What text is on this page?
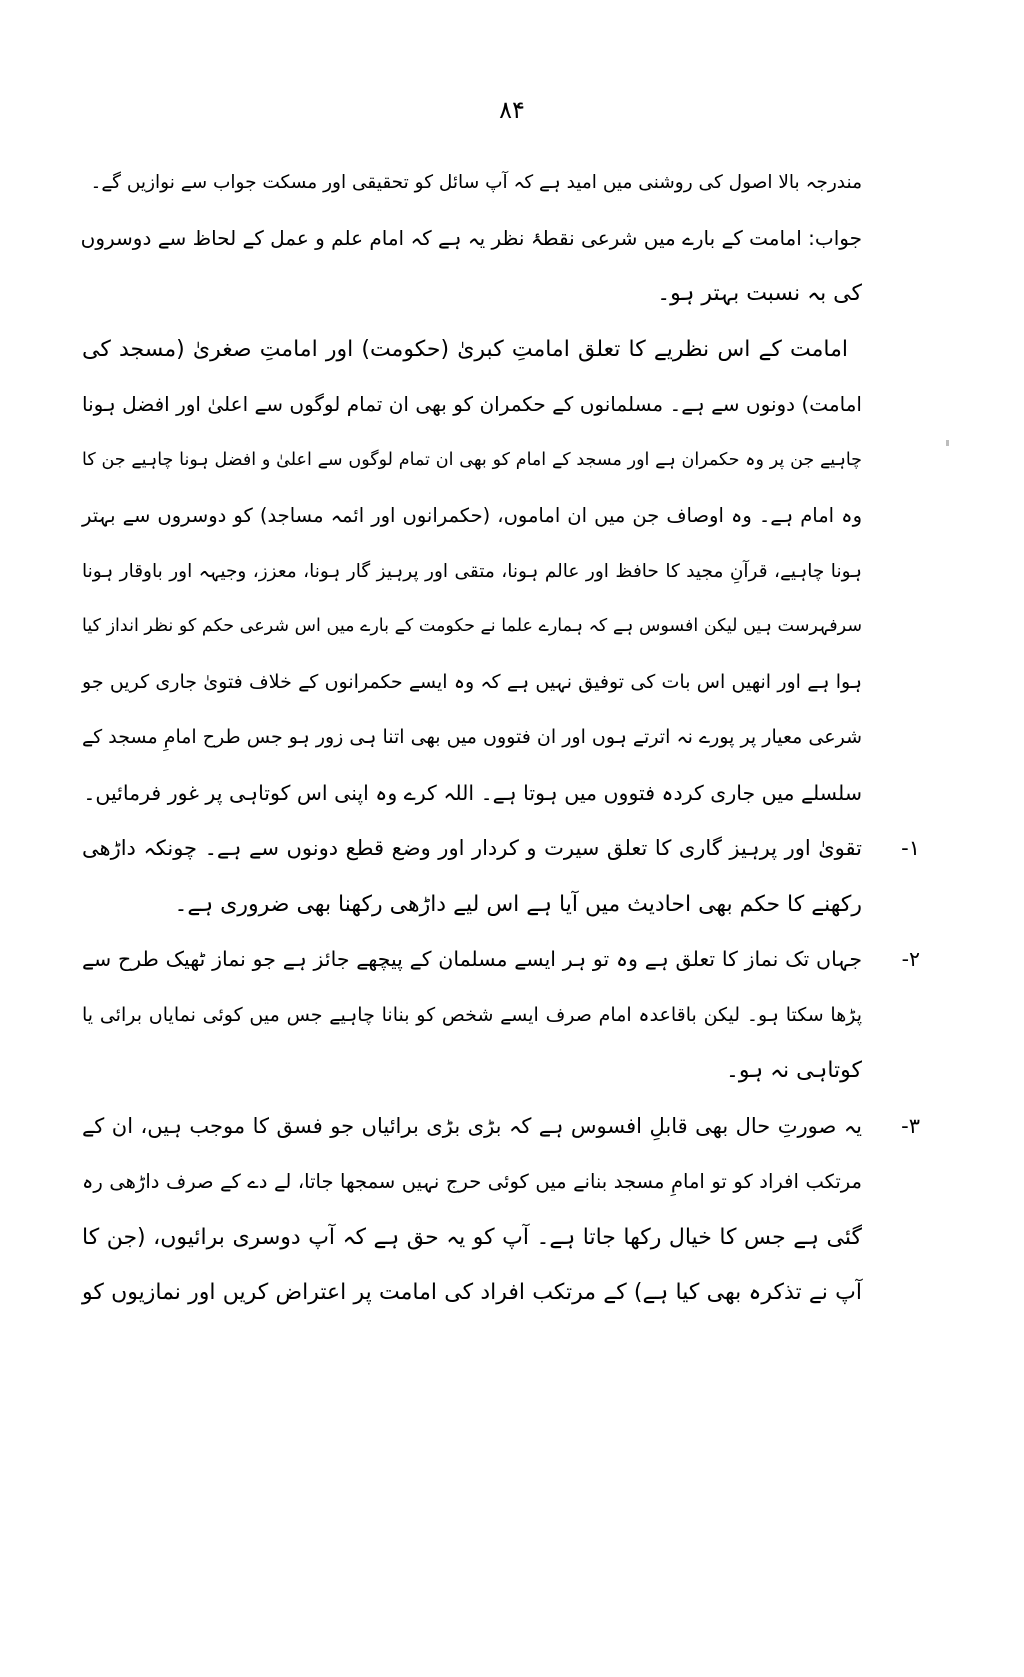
۸۴
مندرجہ بالا اصول کی روشنی میں امید ہے کہ آپ سائل کو تحقیقی اور مسکت جواب سے نوازیں گے۔
جواب: امامت کے بارے میں شرعی نقطۂ نظر یہ ہے کہ امام علم و عمل کے لحاظ سے دوسروں
کی بہ نسبت بہتر ہو۔
امامت کے اس نظریے کا تعلق امامتِ کبریٰ (حکومت) اور امامتِ صغریٰ (مسجد کی
امامت) دونوں سے ہے۔ مسلمانوں کے حکمران کو بھی ان تمام لوگوں سے اعلیٰ اور افضل ہونا
چاہیے جن پر وہ حکمران ہے اور مسجد کے امام کو بھی ان تمام لوگوں سے اعلیٰ و افضل ہونا چاہیے جن کا
وہ امام ہے۔ وہ اوصاف جن میں ان اماموں، (حکمرانوں اور ائمہ مساجد) کو دوسروں سے بہتر
ہونا چاہیے، قرآنِ مجید کا حافظ اور عالم ہونا، متقی اور پرہیز گار ہونا، معزز، وجیہہ اور باوقار ہونا
سرفہرست ہیں لیکن افسوس ہے کہ ہمارے علما نے حکومت کے بارے میں اس شرعی حکم کو نظر انداز کیا
ہوا ہے اور انھیں اس بات کی توفیق نہیں ہے کہ وہ ایسے حکمرانوں کے خلاف فتویٰ جاری کریں جو
شرعی معیار پر پورے نہ اترتے ہوں اور ان فتووں میں بھی اتنا ہی زور ہو جس طرح امامِ مسجد کے
سلسلے میں جاری کردہ فتووں میں ہوتا ہے۔ اللہ کرے وہ اپنی اس کوتاہی پر غور فرمائیں۔
۱-
تقویٰ اور پرہیز گاری کا تعلق سیرت و کردار اور وضع قطع دونوں سے ہے۔ چونکہ داڑھی
رکھنے کا حکم بھی احادیث میں آیا ہے اس لیے داڑھی رکھنا بھی ضروری ہے۔
۲-
جہاں تک نماز کا تعلق ہے وہ تو ہر ایسے مسلمان کے پیچھے جائز ہے جو نماز ٹھیک طرح سے
پڑھا سکتا ہو۔ لیکن باقاعدہ امام صرف ایسے شخص کو بنانا چاہیے جس میں کوئی نمایاں برائی یا
کوتاہی نہ ہو۔
۳-
یہ صورتِ حال بھی قابلِ افسوس ہے کہ بڑی بڑی برائیاں جو فسق کا موجب ہیں، ان کے
مرتکب افراد کو تو امامِ مسجد بنانے میں کوئی حرج نہیں سمجھا جاتا، لے دے کے صرف داڑھی رہ
گئی ہے جس کا خیال رکھا جاتا ہے۔ آپ کو یہ حق ہے کہ آپ دوسری برائیوں، (جن کا
آپ نے تذکرہ بھی کیا ہے) کے مرتکب افراد کی امامت پر اعتراض کریں اور نمازیوں کو
